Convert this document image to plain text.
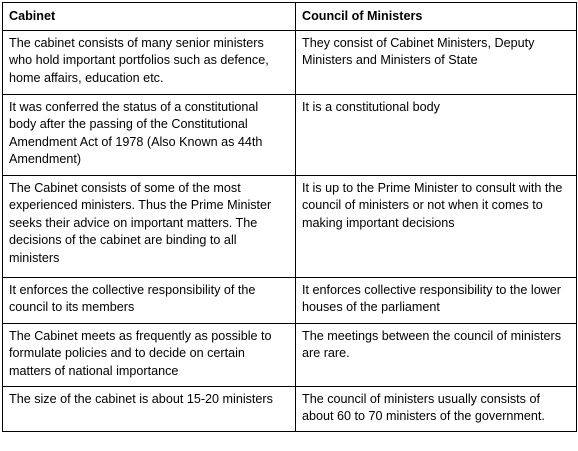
Cabinet	Council of Ministers
The cabinet consists of many senior ministers who hold important portfolios such as defence, home affairs, education etc.	They consist of Cabinet Ministers, Deputy Ministers and Ministers of State
It was conferred the status of a constitutional body after the passing of the Constitutional Amendment Act of 1978 (Also Known as 44th Amendment)	It is a constitutional body
The Cabinet consists of some of the most experienced ministers. Thus the Prime Minister seeks their advice on important matters. The decisions of the cabinet are binding to all ministers	It is up to the Prime Minister to consult with the council of ministers or not when it comes to making important decisions
It enforces the collective responsibility of the council to its members	It enforces collective responsibility to the lower houses of the parliament
The Cabinet meets as frequently as possible to formulate policies and to decide on certain matters of national importance	The meetings between the council of ministers are rare.
The size of the cabinet is about 15-20 ministers	The council of ministers usually consists of about 60 to 70 ministers of the government.
